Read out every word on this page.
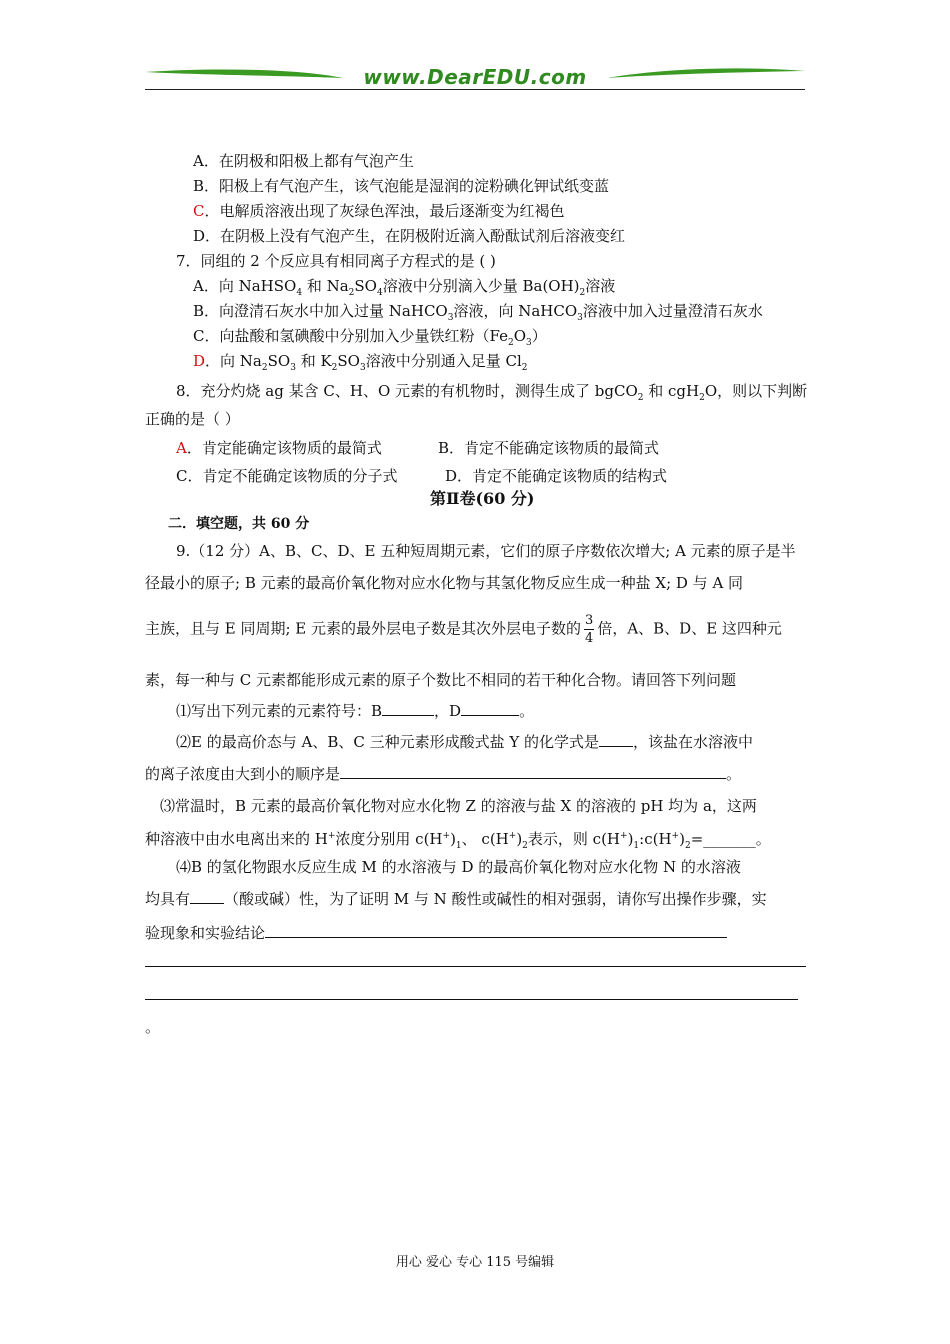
www.DearEDU.com
A．在阴极和阳极上都有气泡产生
B．阳极上有气泡产生，该气泡能是湿润的淀粉碘化钾试纸变蓝
C．电解质溶液出现了灰绿色浑浊，最后逐渐变为红褐色
D．在阴极上没有气泡产生，在阴极附近滴入酚酞试剂后溶液变红
7．同组的 2 个反应具有相同离子方程式的是 ( )
A．向 NaHSO$_4$ 和 $Na_2SO_4$溶液中分别滴入少量 $Ba(OH)_2$溶液
B．向澄清石灰水中加入过量 NaHCO$_3$溶液，向 NaHCO$_3$溶液中加入过量澄清石灰水
C．向盐酸和氢碘酸中分别加入少量铁红粉$(Fe_2O_3)$
D．向 $Na_2SO_3$ 和 $K_2SO_3$溶液中分别通入足量 $Cl_2$
8．充分灼烧 ag 某含 C、H、O 元素的有机物时，测得生成了 bgCO$_2$ 和 cgH$_2$O，则以下判断
正确的是（ ）
A．肯定能确定该物质的最简式	B．肯定不能确定该物质的最简式
C．肯定不能确定该物质的分子式	D．肯定不能确定该物质的结构式
第Ⅱ卷(60 分)
二．填空题，共 60 分
9.（12 分）A、B、C、D、E 五种短周期元素，它们的原子序数依次增大; A 元素的原子是半
径最小的原子; B 元素的最高价氧化物对应水化物与其氢化物反应生成一种盐 X; D 与 A 同
主族，且与 E 同周期; E 元素的最外层电子数是其次外层电子数的 $\frac{3}{4}$ 倍，A、B、D、E 这四种元
素，每一种与 C 元素都能形成元素的原子个数比不相同的若干种化合物。请回答下列问题
⑴写出下列元素的元素符号：B	，D	。
⑵E 的最高价态与 A、B、C 三种元素形成酸式盐 Y 的化学式是 ，该盐在水溶液中
的离子浓度由大到小的顺序是	。
⑶常温时，B 元素的最高价氧化物对应水化物 Z 的溶液与盐 X 的溶液的 pH 均为 a，这两
种溶液中由水电离出来的 H+浓度分别用 $c(H^+)_1$、 $c(H^+)_2$表示，则 $c(H^+)_1:c(H^+)_2=\_\_\_\_\_\_\_$。
⑷B 的氢化物跟水反应生成 M 的水溶液与 D 的最高价氧化物对应水化物 N 的水溶液
均具有 （酸或碱）性，为了证明 M 与 N 酸性或碱性的相对强弱，请你写出操作步骤，实
验现象和实验结论
。
用心 爱心 专心 115 号编辑
